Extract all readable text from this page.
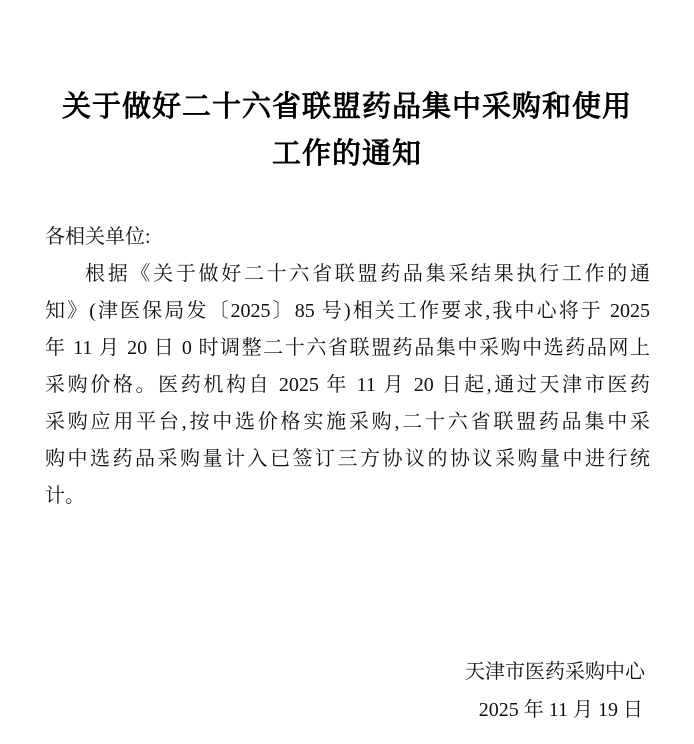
关于做好二十六省联盟药品集中采购和使用
工作的通知
各相关单位:
根据《关于做好二十六省联盟药品集采结果执行工作的通
知》(津医保局发〔2025〕85 号)相关工作要求,我中心将于 2025
年 11 月 20 日 0 时调整二十六省联盟药品集中采购中选药品网上
采购价格。医药机构自 2025 年 11 月 20 日起,通过天津市医药
采购应用平台,按中选价格实施采购,二十六省联盟药品集中采
购中选药品采购量计入已签订三方协议的协议采购量中进行统
计。
天津市医药采购中心
2025 年 11 月 19 日
